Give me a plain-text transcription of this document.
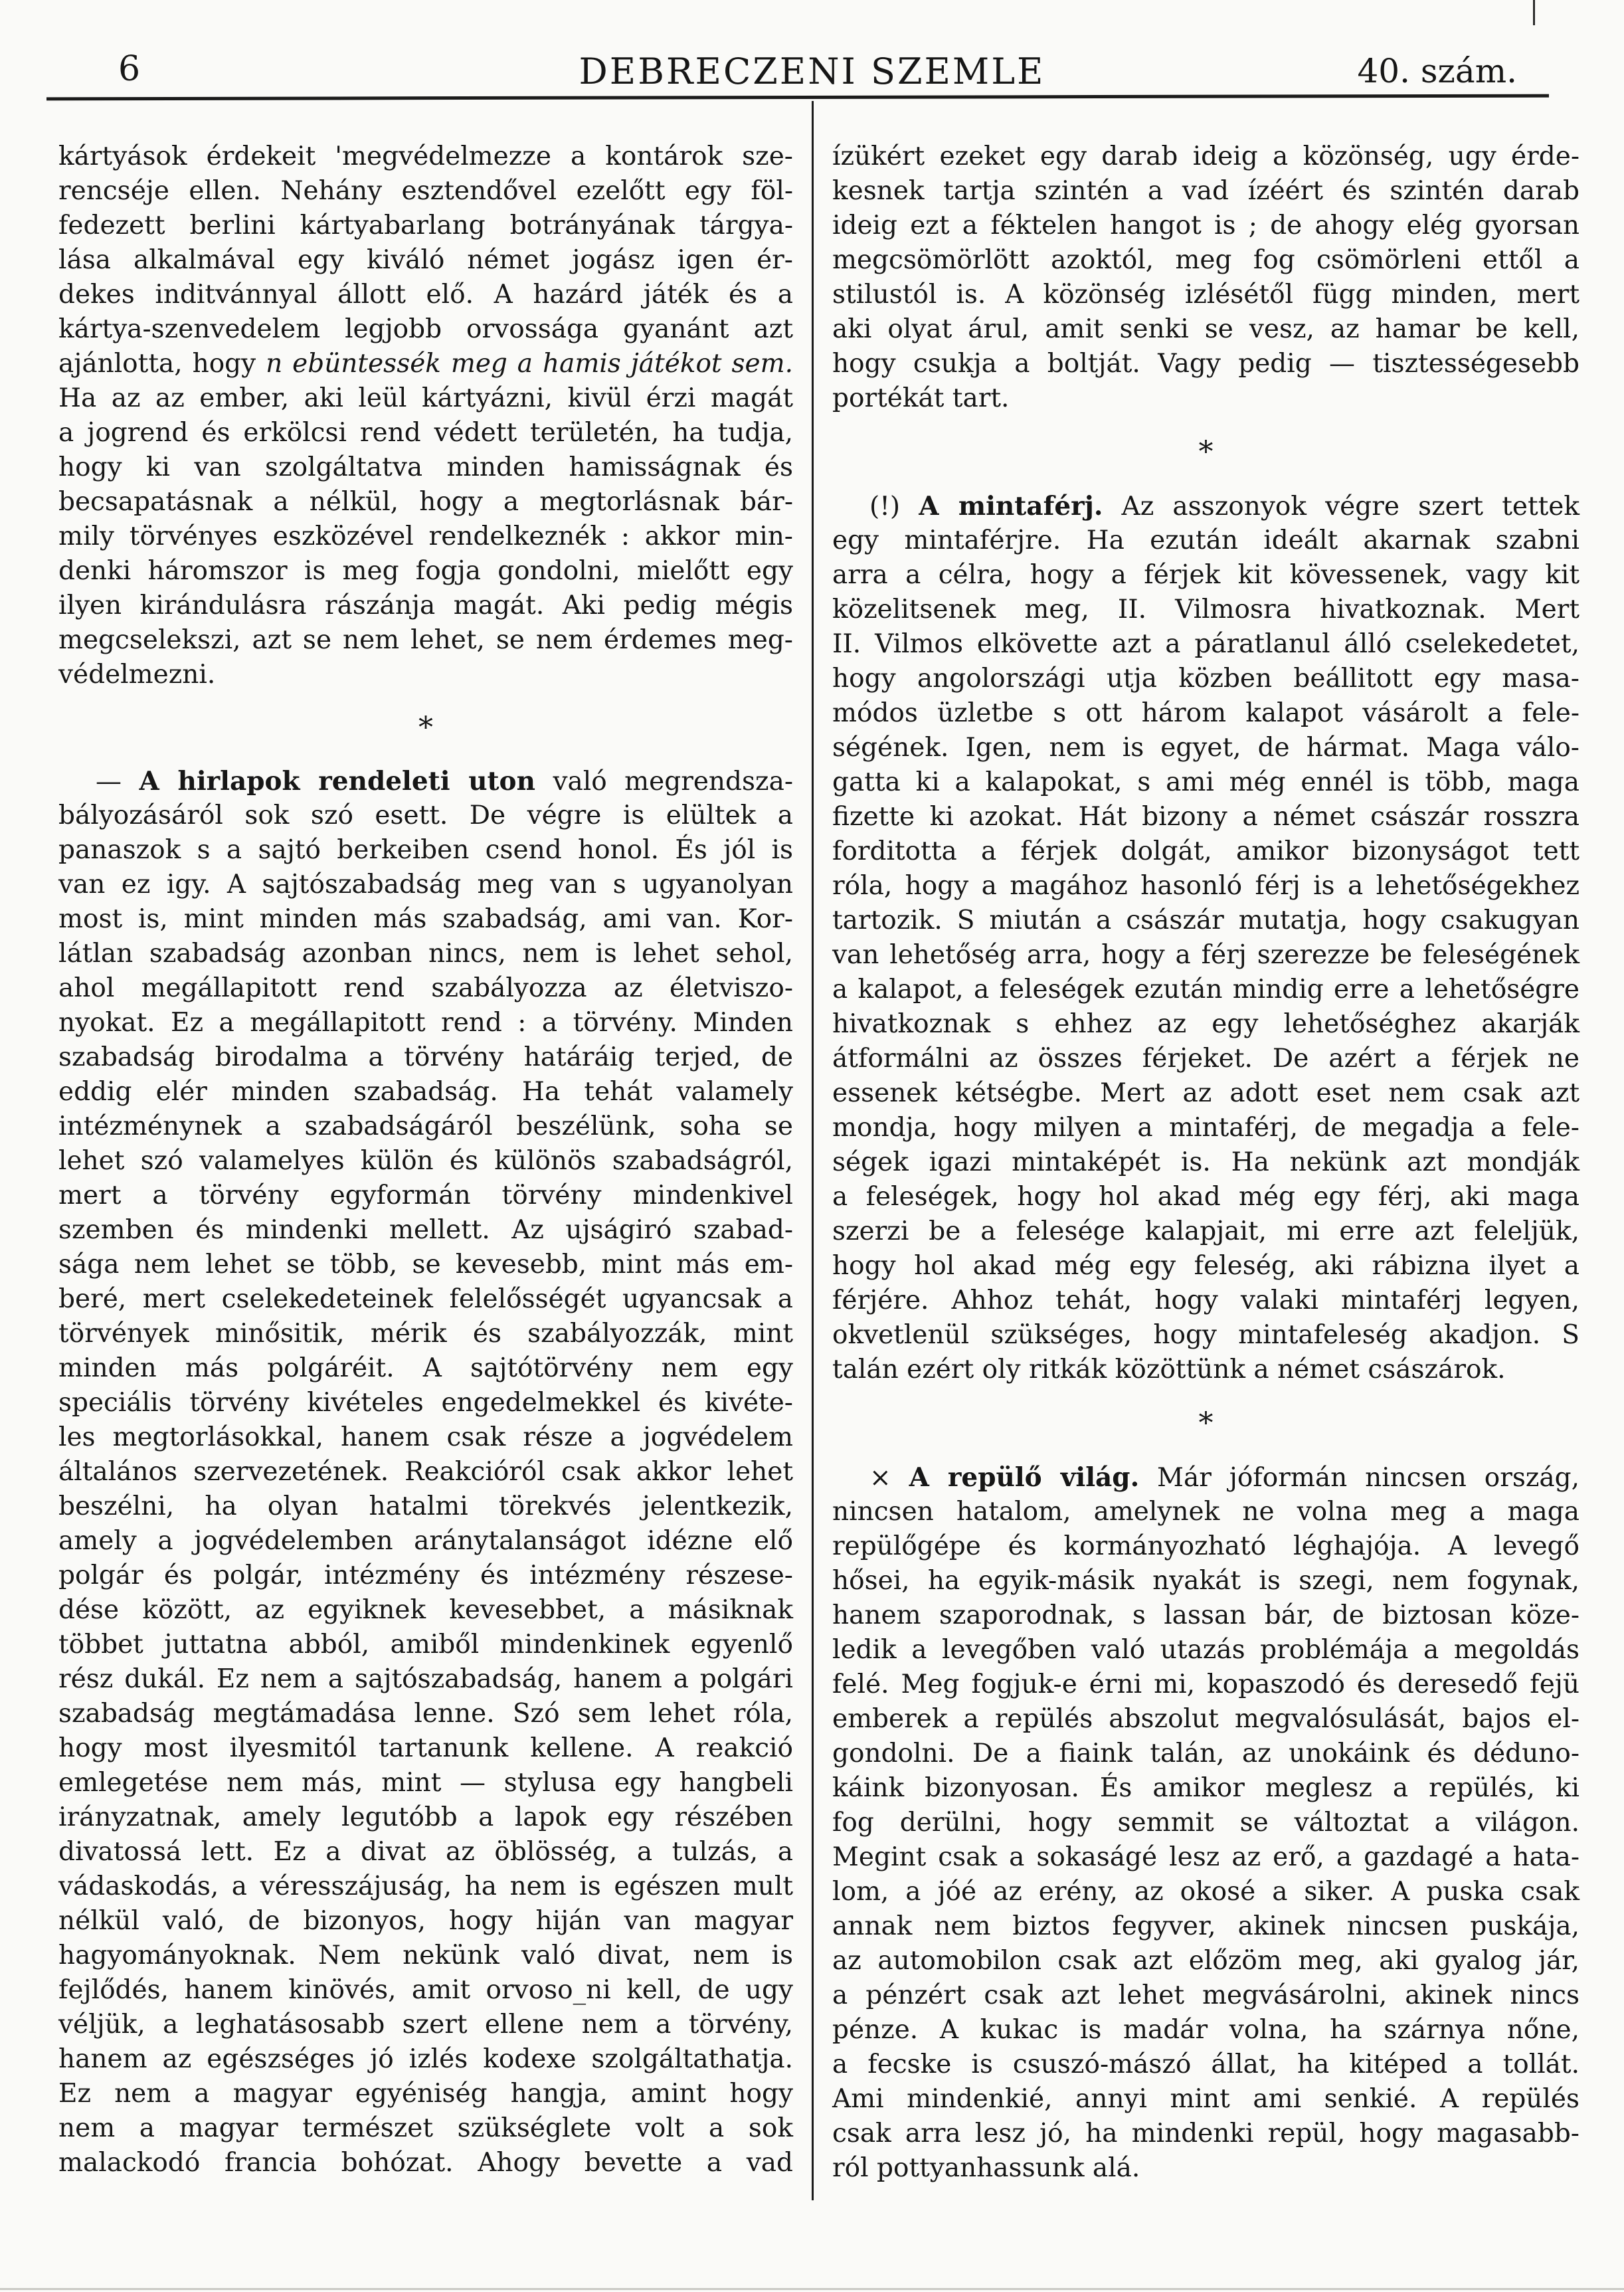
6	DEBRECZENI SZEMLE	40. szám.
kártyások érdekeit 'megvédelmezze a kontárok sze-
rencséje ellen. Nehány esztendővel ezelőtt egy föl-
fedezett berlini kártyabarlang botrányának tárgya-
lása alkalmával egy kiváló német jogász igen ér-
dekes inditvánnyal állott elő. A hazárd játék és a
kártya-szenvedelem legjobb orvossága gyanánt azt
ajánlotta, hogy n ebüntessék meg a hamis játékot sem.
Ha az az ember, aki leül kártyázni, kivül érzi magát
a jogrend és erkölcsi rend védett területén, ha tudja,
hogy ki van szolgáltatva minden hamisságnak és
becsapatásnak a nélkül, hogy a megtorlásnak bár-
mily törvényes eszközével rendelkeznék : akkor min-
denki háromszor is meg fogja gondolni, mielőtt egy
ilyen kirándulásra rászánja magát. Aki pedig mégis
megcselekszi, azt se nem lehet, se nem érdemes meg-
védelmezni.
*
— A hirlapok rendeleti uton való megrendsza-
bályozásáról sok szó esett. De végre is elültek a
panaszok s a sajtó berkeiben csend honol. És jól is
van ez igy. A sajtószabadság meg van s ugyanolyan
most is, mint minden más szabadság, ami van. Kor-
látlan szabadság azonban nincs, nem is lehet sehol,
ahol megállapitott rend szabályozza az életviszo-
nyokat. Ez a megállapitott rend : a törvény. Minden
szabadság birodalma a törvény határáig terjed, de
eddig elér minden szabadság. Ha tehát valamely
intézménynek a szabadságáról beszélünk, soha se
lehet szó valamelyes külön és különös szabadságról,
mert a törvény egyformán törvény mindenkivel
szemben és mindenki mellett. Az ujságiró szabad-
sága nem lehet se több, se kevesebb, mint más em-
beré, mert cselekedeteinek felelősségét ugyancsak a
törvények minősitik, mérik és szabályozzák, mint
minden más polgáréit. A sajtótörvény nem egy
speciális törvény kivételes engedelmekkel és kivéte-
les megtorlásokkal, hanem csak része a jogvédelem
általános szervezetének. Reakcióról csak akkor lehet
beszélni, ha olyan hatalmi törekvés jelentkezik,
amely a jogvédelemben aránytalanságot idézne elő
polgár és polgár, intézmény és intézmény részese-
dése között, az egyiknek kevesebbet, a másiknak
többet juttatna abból, amiből mindenkinek egyenlő
rész dukál. Ez nem a sajtószabadság, hanem a polgári
szabadság megtámadása lenne. Szó sem lehet róla,
hogy most ilyesmitól tartanunk kellene. A reakció
emlegetése nem más, mint — stylusa egy hangbeli
irányzatnak, amely legutóbb a lapok egy részében
divatossá lett. Ez a divat az öblösség, a tulzás, a
vádaskodás, a véresszájuság, ha nem is egészen mult
nélkül való, de bizonyos, hogy hiján van magyar
hagyományoknak. Nem nekünk való divat, nem is
fejlődés, hanem kinövés, amit orvoso_ni kell, de ugy
véljük, a leghatásosabb szert ellene nem a törvény,
hanem az egészséges jó izlés kodexe szolgáltathatja.
Ez nem a magyar egyéniség hangja, amint hogy
nem a magyar természet szükséglete volt a sok
malackodó francia bohózat. Ahogy bevette a vad
ízükért ezeket egy darab ideig a közönség, ugy érde-
kesnek tartja szintén a vad ízéért és szintén darab
ideig ezt a féktelen hangot is ; de ahogy elég gyorsan
megcsömörlött azoktól, meg fog csömörleni ettől a
stilustól is. A közönség izlésétől függ minden, mert
aki olyat árul, amit senki se vesz, az hamar be kell,
hogy csukja a boltját. Vagy pedig — tisztességesebb
portékát tart.
*
(!) A mintaférj. Az asszonyok végre szert tettek
egy mintaférjre. Ha ezután ideált akarnak szabni
arra a célra, hogy a férjek kit kövessenek, vagy kit
közelitsenek meg, II. Vilmosra hivatkoznak. Mert
II. Vilmos elkövette azt a páratlanul álló cselekedetet,
hogy angolországi utja közben beállitott egy masa-
módos üzletbe s ott három kalapot vásárolt a fele-
ségének. Igen, nem is egyet, de hármat. Maga válo-
gatta ki a kalapokat, s ami még ennél is több, maga
fizette ki azokat. Hát bizony a német császár rosszra
forditotta a férjek dolgát, amikor bizonyságot tett
róla, hogy a magához hasonló férj is a lehetőségekhez
tartozik. S miután a császár mutatja, hogy csakugyan
van lehetőség arra, hogy a férj szerezze be feleségének
a kalapot, a feleségek ezután mindig erre a lehetőségre
hivatkoznak s ehhez az egy lehetőséghez akarják
átformálni az összes férjeket. De azért a férjek ne
essenek kétségbe. Mert az adott eset nem csak azt
mondja, hogy milyen a mintaférj, de megadja a fele-
ségek igazi mintaképét is. Ha nekünk azt mondják
a feleségek, hogy hol akad még egy férj, aki maga
szerzi be a felesége kalapjait, mi erre azt feleljük,
hogy hol akad még egy feleség, aki rábizna ilyet a
férjére. Ahhoz tehát, hogy valaki mintaférj legyen,
okvetlenül szükséges, hogy mintafeleség akadjon. S
talán ezért oly ritkák közöttünk a német császárok.
*
× A repülő világ. Már jóformán nincsen ország,
nincsen hatalom, amelynek ne volna meg a maga
repülőgépe és kormányozható léghajója. A levegő
hősei, ha egyik-másik nyakát is szegi, nem fogynak,
hanem szaporodnak, s lassan bár, de biztosan köze-
ledik a levegőben való utazás problémája a megoldás
felé. Meg fogjuk-e érni mi, kopaszodó és deresedő fejü
emberek a repülés abszolut megvalósulását, bajos el-
gondolni. De a fiaink talán, az unokáink és déduno-
káink bizonyosan. És amikor meglesz a repülés, ki
fog derülni, hogy semmit se változtat a világon.
Megint csak a sokaságé lesz az erő, a gazdagé a hata-
lom, a jóé az erény, az okosé a siker. A puska csak
annak nem biztos fegyver, akinek nincsen puskája,
az automobilon csak azt előzöm meg, aki gyalog jár,
a pénzért csak azt lehet megvásárolni, akinek nincs
pénze. A kukac is madár volna, ha szárnya nőne,
a fecske is csuszó-mászó állat, ha kitéped a tollát.
Ami mindenkié, annyi mint ami senkié. A repülés
csak arra lesz jó, ha mindenki repül, hogy magasabb-
ról pottyanhassunk alá.
